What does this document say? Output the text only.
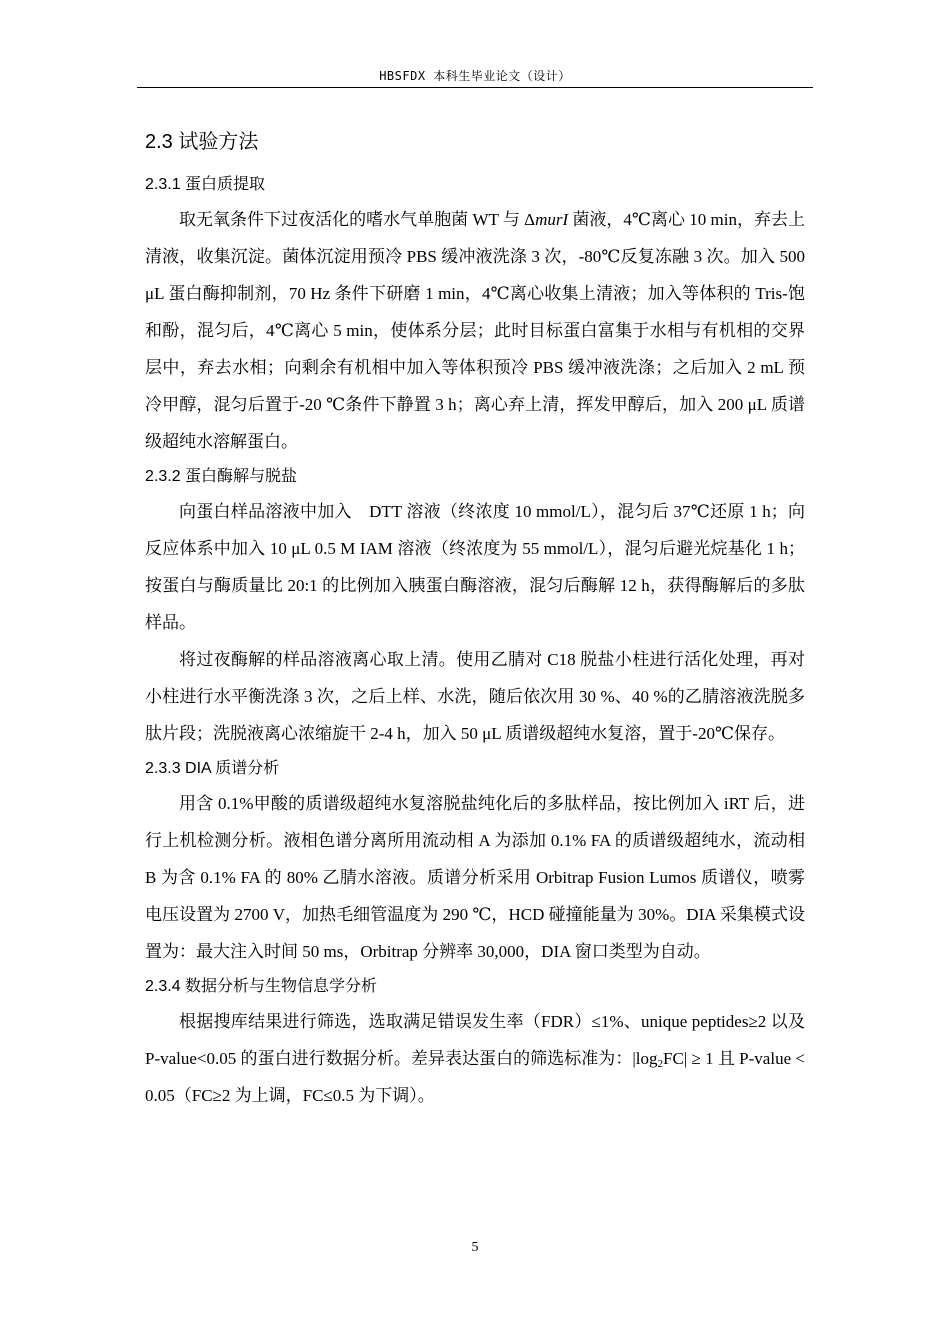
HBSFDX 本科生毕业论文（设计）
2.3 试验方法
2.3.1 蛋白质提取

取无氧条件下过夜活化的嗜水气单胞菌 WT 与 ΔmurI 菌液，4℃离心 10 min，弃去上清液，收集沉淀。菌体沉淀用预冷 PBS 缓冲液洗涤 3 次，-80℃反复冻融 3 次。加入 500 μL 蛋白酶抑制剂，70 Hz 条件下研磨 1 min，4℃离心收集上清液；加入等体积的 Tris-饱和酚，混匀后，4℃离心 5 min，使体系分层；此时目标蛋白富集于水相与有机相的交界层中，弃去水相；向剩余有机相中加入等体积预冷 PBS 缓冲液洗涤；之后加入 2 mL 预冷甲醇，混匀后置于-20 ℃条件下静置 3 h；离心弃上清，挥发甲醇后，加入 200 μL 质谱级超纯水溶解蛋白。

2.3.2 蛋白酶解与脱盐

向蛋白样品溶液中加入　DTT 溶液（终浓度 10 mmol/L），混匀后 37℃还原 1 h；向反应体系中加入 10 μL 0.5 M IAM 溶液（终浓度为 55 mmol/L），混匀后避光烷基化 1 h；按蛋白与酶质量比 20:1 的比例加入胰蛋白酶溶液，混匀后酶解 12 h，获得酶解后的多肽样品。

将过夜酶解的样品溶液离心取上清。使用乙腈对 C18 脱盐小柱进行活化处理，再对小柱进行水平衡洗涤 3 次，之后上样、水洗，随后依次用 30 %、40 %的乙腈溶液洗脱多肽片段；洗脱液离心浓缩旋干 2-4 h，加入 50 μL 质谱级超纯水复溶，置于-20℃保存。

2.3.3 DIA 质谱分析

用含 0.1%甲酸的质谱级超纯水复溶脱盐纯化后的多肽样品，按比例加入 iRT 后，进行上机检测分析。液相色谱分离所用流动相 A 为添加 0.1% FA 的质谱级超纯水，流动相 B 为含 0.1% FA 的 80% 乙腈水溶液。质谱分析采用 Orbitrap Fusion Lumos 质谱仪，喷雾电压设置为 2700 V，加热毛细管温度为 290 ℃，HCD 碰撞能量为 30%。DIA 采集模式设置为：最大注入时间 50 ms，Orbitrap 分辨率 30,000，DIA 窗口类型为自动。

2.3.4 数据分析与生物信息学分析

根据搜库结果进行筛选，选取满足错误发生率（FDR）≤1%、unique peptides≥2 以及 P-value<0.05 的蛋白进行数据分析。差异表达蛋白的筛选标准为：$|\log_2FC| \ge 1$ 且 P-value < 0.05（FC≥2 为上调，FC≤0.5 为下调）。

5
